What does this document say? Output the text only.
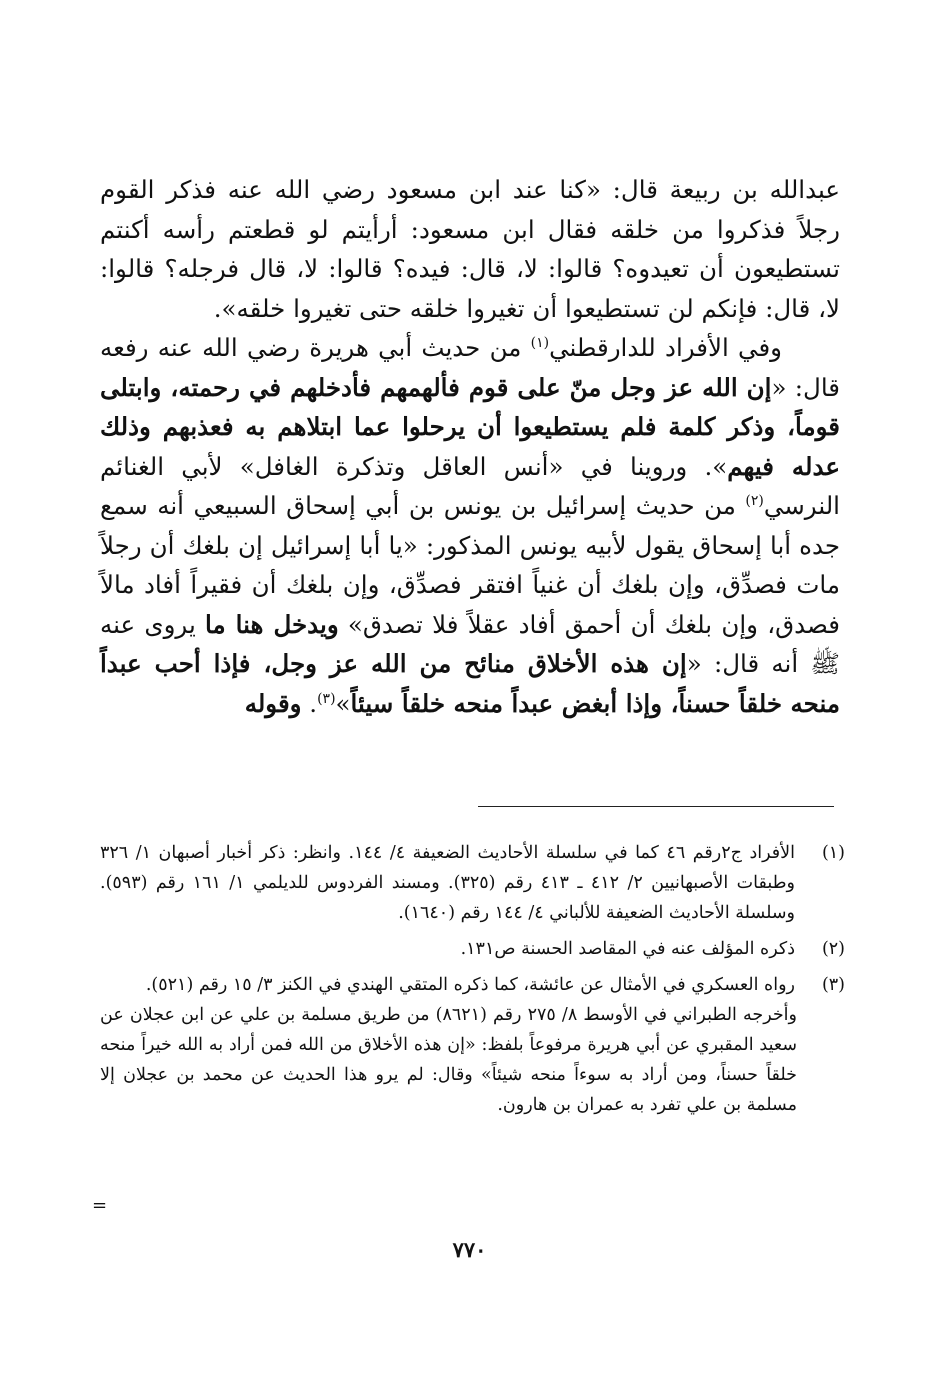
عبدالله بن ربيعة قال: «كنا عند ابن مسعود رضي الله عنه فذكر القوم رجلاً فذكروا من خلقه فقال ابن مسعود: أرأيتم لو قطعتم رأسه أكنتم تستطيعون أن تعيدوه؟ قالوا: لا، قال: فيده؟ قالوا: لا، قال فرجله؟ قالوا: لا، قال: فإنكم لن تستطيعوا أن تغيروا خلقه حتى تغيروا خلقه».

وفي الأفراد للدارقطني$^{(١)}$ من حديث أبي هريرة رضي الله عنه رفعه قال: «إن الله عز وجل منّ على قوم فألهمهم فأدخلهم في رحمته، وابتلى قوماً، وذكر كلمة فلم يستطيعوا أن يرحلوا عما ابتلاهم به فعذبهم وذلك عدله فيهم». وروينا في «أنس العاقل وتذكرة الغافل» لأبي الغنائم النرسي$^{(٢)}$ من حديث إسرائيل بن يونس بن أبي إسحاق السبيعي أنه سمع جده أبا إسحاق يقول لأبيه يونس المذكور: «يا أبا إسرائيل إن بلغك أن رجلاً مات فصدِّق، وإن بلغك أن غنياً افتقر فصدِّق، وإن بلغك أن فقيراً أفاد مالاً فصدق، وإن بلغك أن أحمق أفاد عقلاً فلا تصدق» ويدخل هنا ما يروى عنه ﷺ أنه قال: «إن هذه الأخلاق منائح من الله عز وجل، فإذا أحب عبداً منحه خلقاً حسناً، وإذا أبغض عبداً منحه خلقاً سيئاً»$^{(٣)}$. وقوله

(١)

الأفراد ج٢رقم ٤٦ كما في سلسلة الأحاديث الضعيفة ٤/ ١٤٤. وانظر: ذكر أخبار أصبهان ١/ ٣٢٦ وطبقات الأصبهانيين ٢/ ٤١٢ ـ ٤١٣ رقم (٣٢٥). ومسند الفردوس للديلمي ١/ ١٦١ رقم (٥٩٣). وسلسلة الأحاديث الضعيفة للألباني ٤/ ١٤٤ رقم (١٦٤٠).

(٢)

ذكره المؤلف عنه في المقاصد الحسنة ص١٣١.

(٣)

رواه العسكري في الأمثال عن عائشة، كما ذكره المتقي الهندي في الكنز ٣/ ١٥ رقم (٥٢١).

وأخرجه الطبراني في الأوسط ٨/ ٢٧٥ رقم (٨٦٢١) من طريق مسلمة بن علي عن ابن عجلان عن سعيد المقبري عن أبي هريرة مرفوعاً بلفظ: «إن هذه الأخلاق من الله فمن أراد به الله خيراً منحه خلقاً حسناً، ومن أراد به سوءاً منحه شيئاً» وقال: لم يرو هذا الحديث عن محمد بن عجلان إلا مسلمة بن علي تفرد به عمران بن هارون.

=
٧٧٠
